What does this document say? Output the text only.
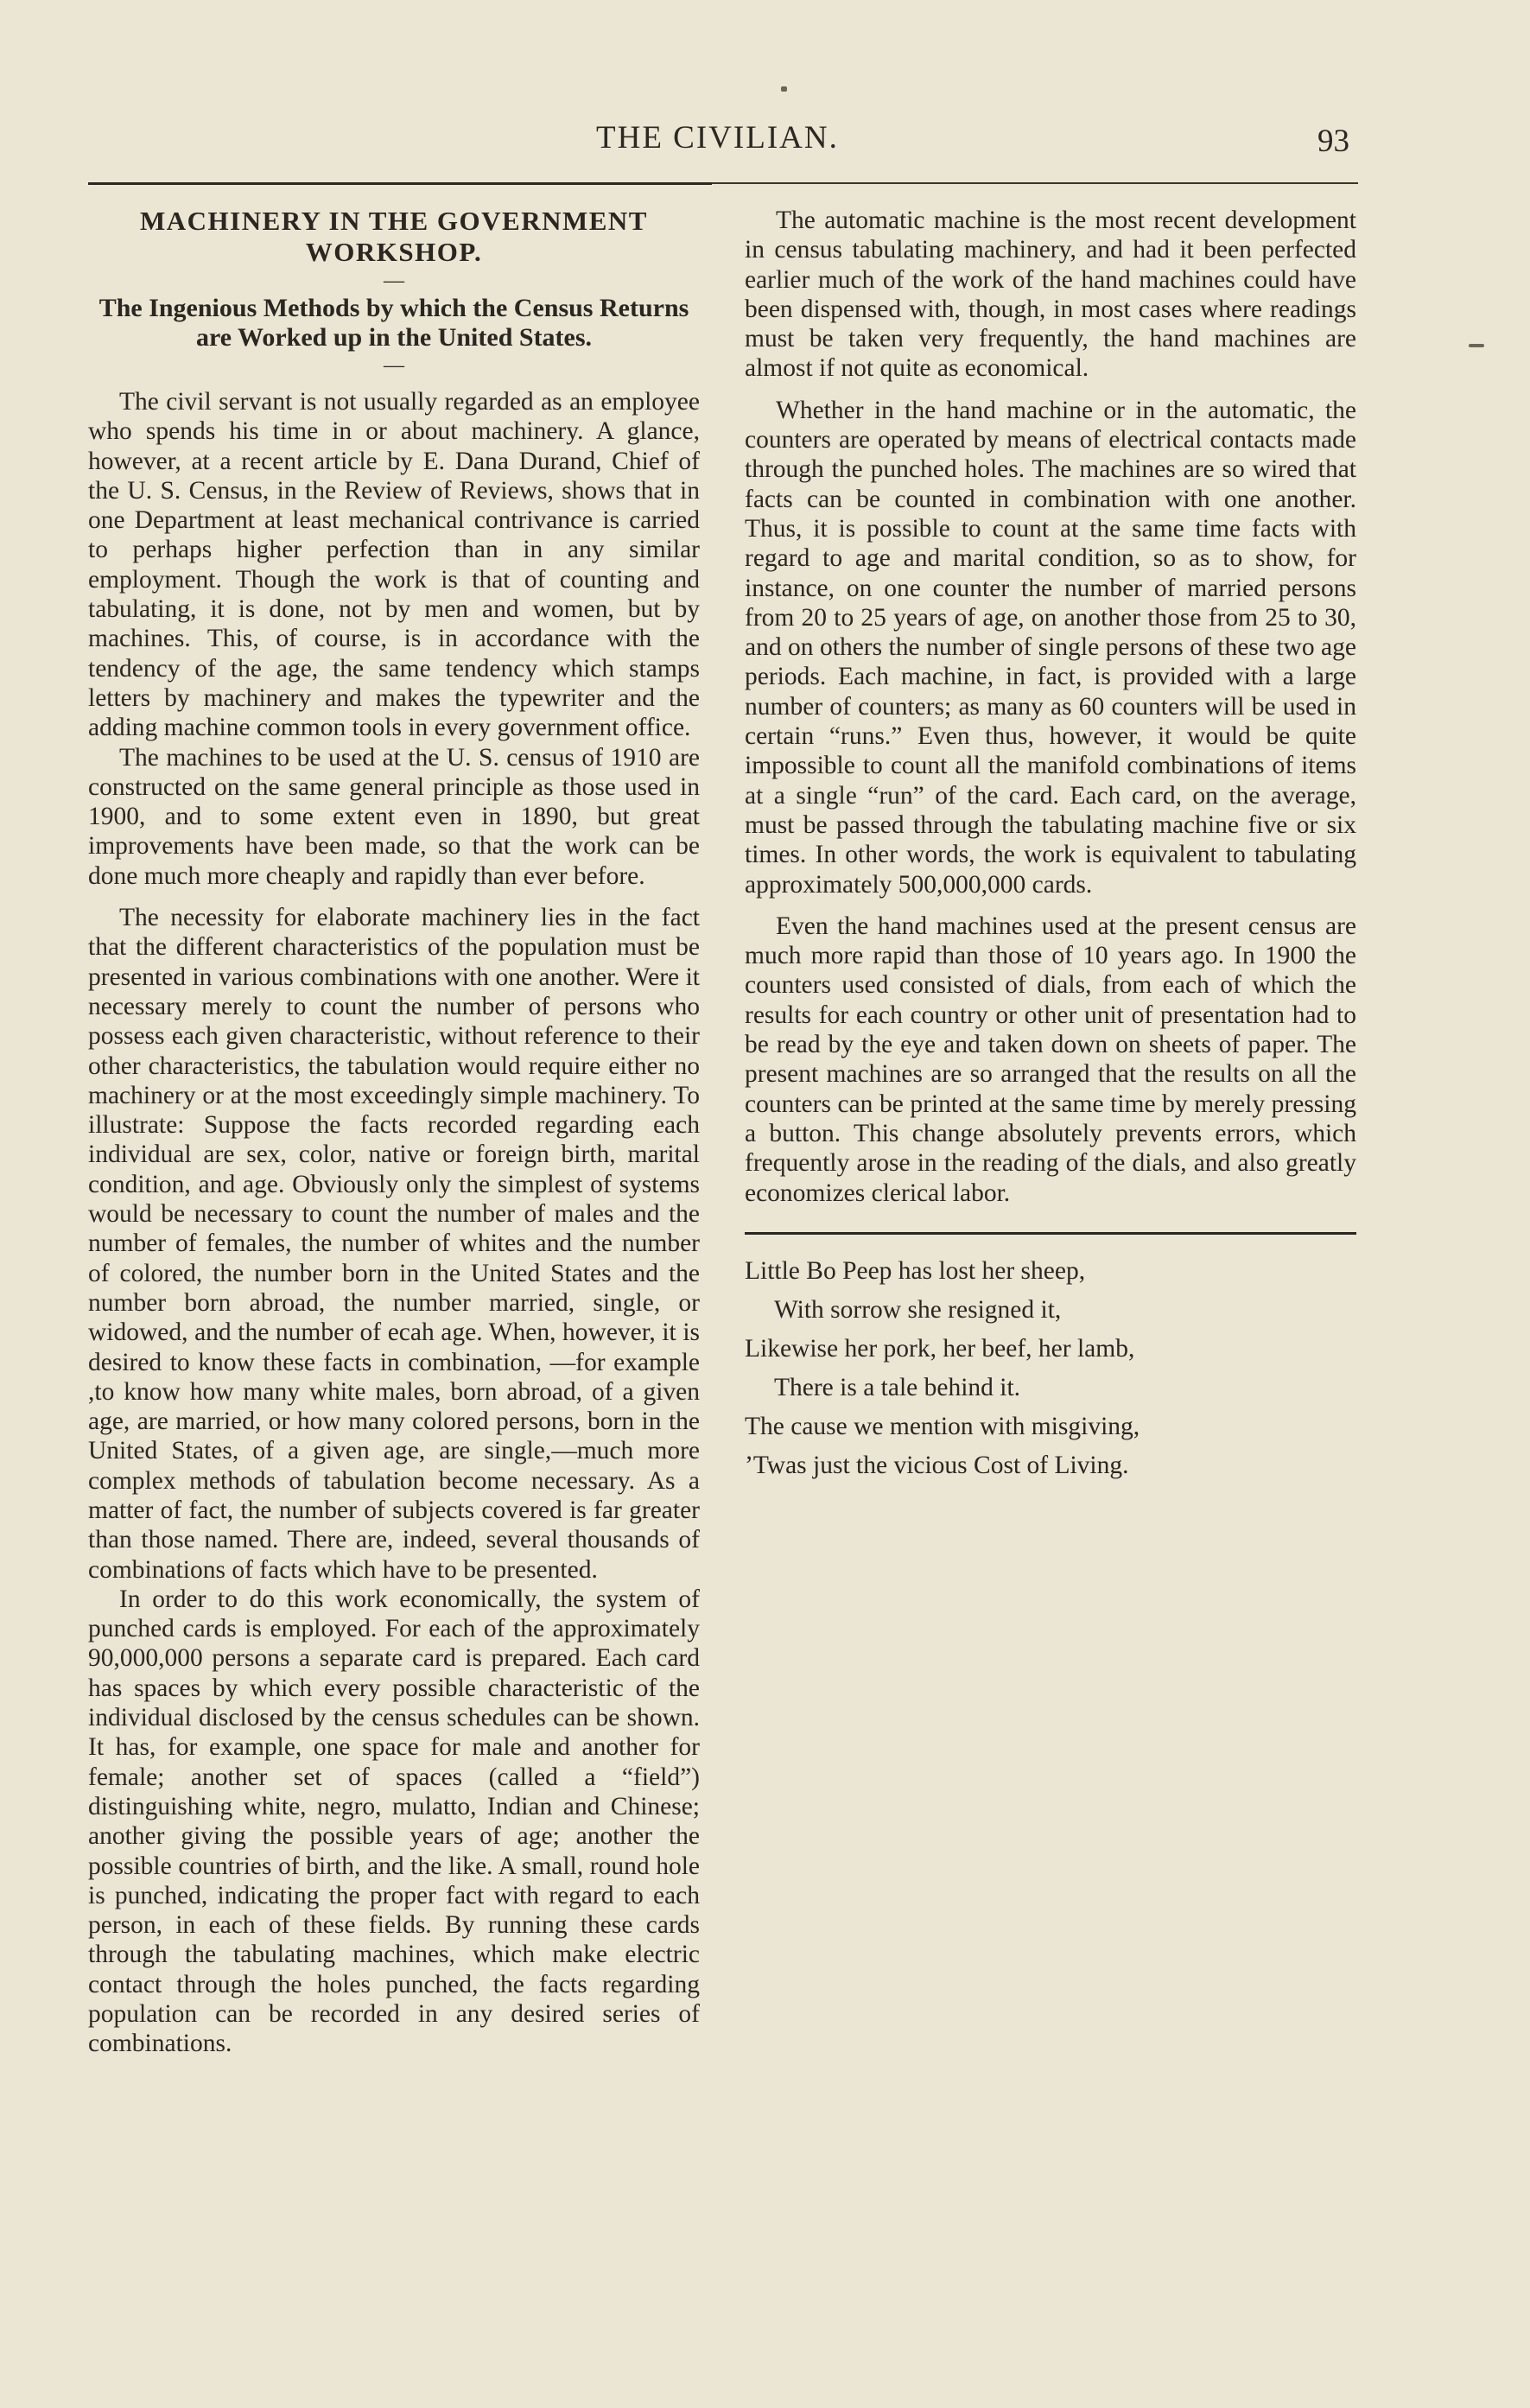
THE CIVILIAN.	93

MACHINERY IN THE GOVERNMENT WORKSHOP.

—

The Ingenious Methods by which the Census Returns are Worked up in the United States.

—

The civil servant is not usually regarded as an employee who spends his time in or about machinery. A glance, however, at a recent article by E. Dana Durand, Chief of the U. S. Census, in the Review of Reviews, shows that in one Department at least mechanical contrivance is carried to perhaps higher perfection than in any similar employment. Though the work is that of counting and tabulating, it is done, not by men and women, but by machines. This, of course, is in accordance with the tendency of the age, the same tendency which stamps letters by machinery and makes the typewriter and the adding machine common tools in every government office.

The machines to be used at the U. S. census of 1910 are constructed on the same general principle as those used in 1900, and to some extent even in 1890, but great improvements have been made, so that the work can be done much more cheaply and rapidly than ever before.

The necessity for elaborate machinery lies in the fact that the different characteristics of the population must be presented in various combinations with one another. Were it necessary merely to count the number of persons who possess each given characteristic, without reference to their other characteristics, the tabulation would require either no machinery or at the most exceedingly simple machinery. To illustrate: Suppose the facts recorded regarding each individual are sex, color, native or foreign birth, marital condition, and age. Obviously only the simplest of systems would be necessary to count the number of males and the number of females, the number of whites and the number of colored, the number born in the United States and the number born abroad, the number married, single, or widowed, and the number of ecah age. When, however, it is desired to know these facts in combination, —for example ,to know how many white males, born abroad, of a given age, are married, or how many colored persons, born in the United States, of a given age, are single,—much more complex methods of tabulation become necessary. As a matter of fact, the number of subjects covered is far greater than those named. There are, indeed, several thousands of combinations of facts which have to be presented.

In order to do this work economically, the system of punched cards is employed. For each of the approximately 90,000,000 persons a separate card is prepared. Each card has spaces by which every possible characteristic of the individual disclosed by the census schedules can be shown. It has, for example, one space for male and another for female; another set of spaces (called a “field”) distinguishing white, negro, mulatto, Indian and Chinese; another giving the possible years of age; another the possible countries of birth, and the like. A small, round hole is punched, indicating the proper fact with regard to each person, in each of these fields. By running these cards through the tabulating machines, which make electric contact through the holes punched, the facts regarding population can be recorded in any desired series of combinations.

The automatic machine is the most recent development in census tabulating machinery, and had it been perfected earlier much of the work of the hand machines could have been dispensed with, though, in most cases where readings must be taken very frequently, the hand machines are almost if not quite as economical.

Whether in the hand machine or in the automatic, the counters are operated by means of electrical contacts made through the punched holes. The machines are so wired that facts can be counted in combination with one another. Thus, it is possible to count at the same time facts with regard to age and marital condition, so as to show, for instance, on one counter the number of married persons from 20 to 25 years of age, on another those from 25 to 30, and on others the number of single persons of these two age periods. Each machine, in fact, is provided with a large number of counters; as many as 60 counters will be used in certain “runs.” Even thus, however, it would be quite impossible to count all the manifold combinations of items at a single “run” of the card. Each card, on the average, must be passed through the tabulating machine five or six times. In other words, the work is equivalent to tabulating approximately 500,000,000 cards.

Even the hand machines used at the present census are much more rapid than those of 10 years ago. In 1900 the counters used consisted of dials, from each of which the results for each country or other unit of presentation had to be read by the eye and taken down on sheets of paper. The present machines are so arranged that the results on all the counters can be printed at the same time by merely pressing a button. This change absolutely prevents errors, which frequently arose in the reading of the dials, and also greatly economizes clerical labor.

Little Bo Peep has lost her sheep,
With sorrow she resigned it,
Likewise her pork, her beef, her lamb,
There is a tale behind it.
The cause we mention with misgiving,
’Twas just the vicious Cost of Living.
